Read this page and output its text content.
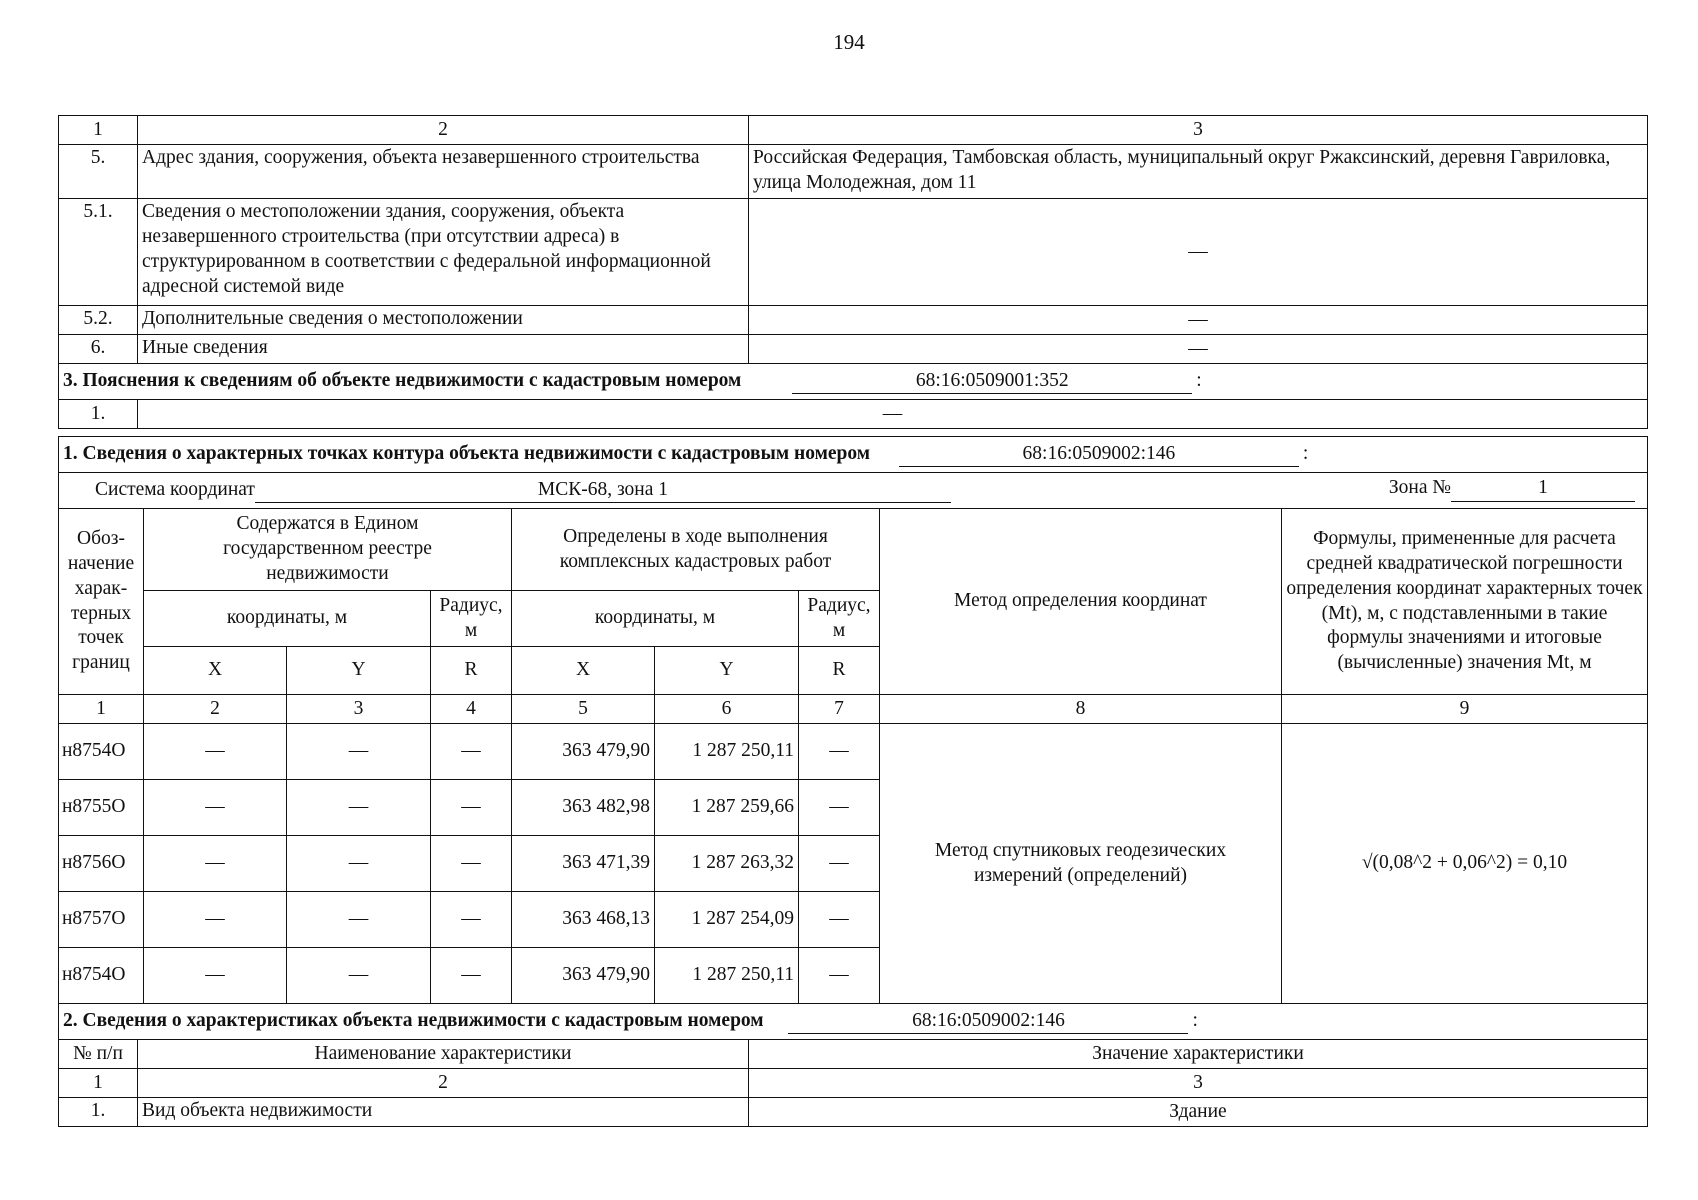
194
1	2	3
5.	Адрес здания, сооружения, объекта незавершенного строительства	Российская Федерация, Тамбовская область, муниципальный округ Ржаксинский, деревня Гавриловка, улица Молодежная, дом 11
5.1.	Сведения о местоположении здания, сооружения, объекта незавершенного строительства (при отсутствии адреса) в структурированном в соответствии с федеральной информационной адресной системой виде	—
5.2.	Дополнительные сведения о местоположении	—
6.	Иные сведения	—
3. Пояснения к сведениям об объекте недвижимости с кадастровым номером 68:16:0509001:352 :		
1.	—	
1. Сведения о характерных точках контура объекта недвижимости с кадастровым номером 68:16:0509002:146 :								
Система координат МСК-68, зона 1 Зона № 1								

Обоз-начение харак-терных точек границ	Содержатся в Едином государственном реестре недвижимости			Определены в ходе выполнения комплексных кадастровых работ			Метод определения координат	Формулы, примененные для расчета средней квадратической погрешности определения координат характерных точек (Mt), м, с подставленными в такие формулы значениями и итоговые (вычисленные) значения Mt, м
	координаты, м		Радиус, м	координаты, м		Радиус, м		
	X	Y	R	X	Y	R		
1	2	3	4	5	6	7	8	9
н8754О	—	—	—	363 479,90	1 287 250,11	—	Метод спутниковых геодезических измерений (определений)	√(0,08^2 + 0,06^2) = 0,10
н8755О	—	—	—	363 482,98	1 287 259,66	—		
н8756О	—	—	—	363 471,39	1 287 263,32	—		
н8757О	—	—	—	363 468,13	1 287 254,09	—		
н8754О	—	—	—	363 479,90	1 287 250,11	—		
2. Сведения о характеристиках объекта недвижимости с кадастровым номером 68:16:0509002:146 :		
№ п/п	Наименование характеристики	Значение характеристики
1	2	3
1.	Вид объекта недвижимости	Здание
